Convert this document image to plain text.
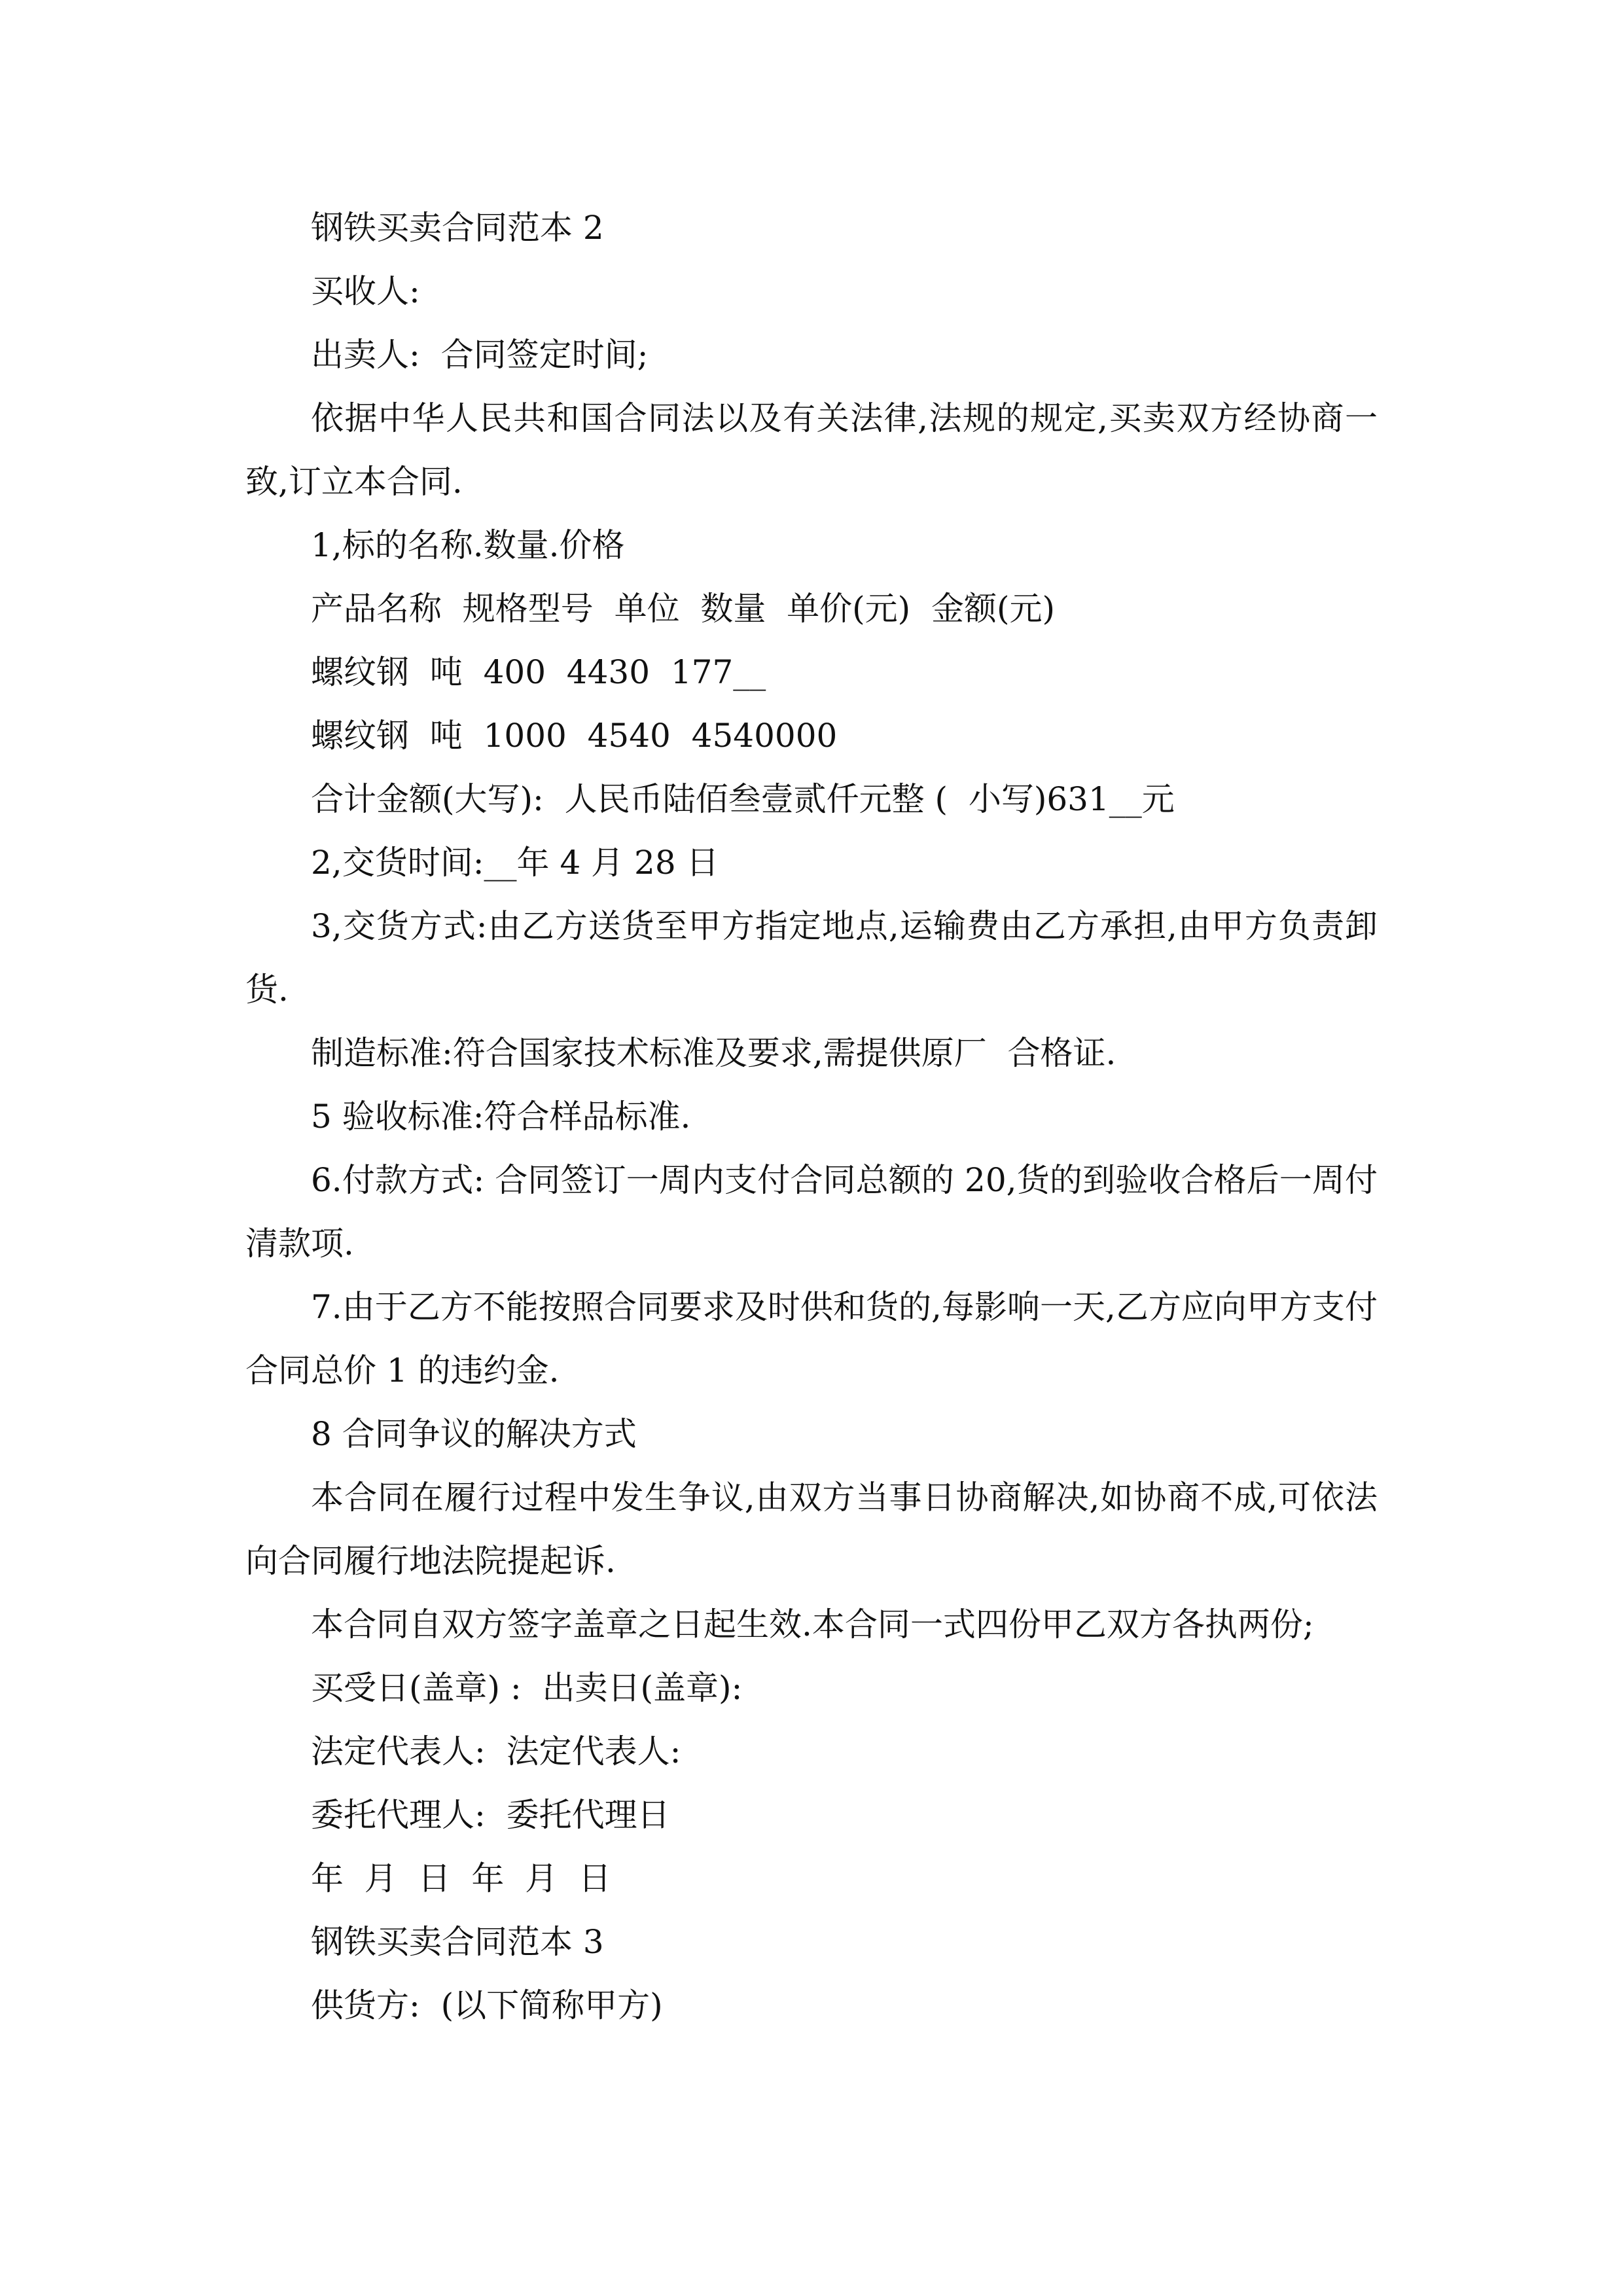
钢铁买卖合同范本 2

买收人:

出卖人:  合同签定时间;

依据中华人民共和国合同法以及有关法律,法规的规定,买卖双方经协商一致,订立本合同.

1,标的名称.数量.价格

产品名称  规格型号  单位  数量  单价(元)  金额(元)

螺纹钢  吨  400  4430  177__

螺纹钢  吨  1000  4540  4540000

合计金额(大写):  人民币陆佰叁壹贰仟元整 (  小写)631__元

2,交货时间:__年 4 月 28 日

3,交货方式:由乙方送货至甲方指定地点,运输费由乙方承担,由甲方负责卸货.

制造标准:符合国家技术标准及要求,需提供原厂  合格证.

5 验收标准:符合样品标准.

6.付款方式: 合同签订一周内支付合同总额的 20,货的到验收合格后一周付清款项.

7.由于乙方不能按照合同要求及时供和货的,每影响一天,乙方应向甲方支付合同总价 1 的违约金.

8 合同争议的解决方式

本合同在履行过程中发生争议,由双方当事日协商解决,如协商不成,可依法向合同履行地法院提起诉.

本合同自双方签字盖章之日起生效.本合同一式四份甲乙双方各执两份;

买受日(盖章) :  出卖日(盖章):

法定代表人:  法定代表人:

委托代理人:  委托代理日

年  月  日  年  月  日

钢铁买卖合同范本 3

供货方:  (以下简称甲方)
